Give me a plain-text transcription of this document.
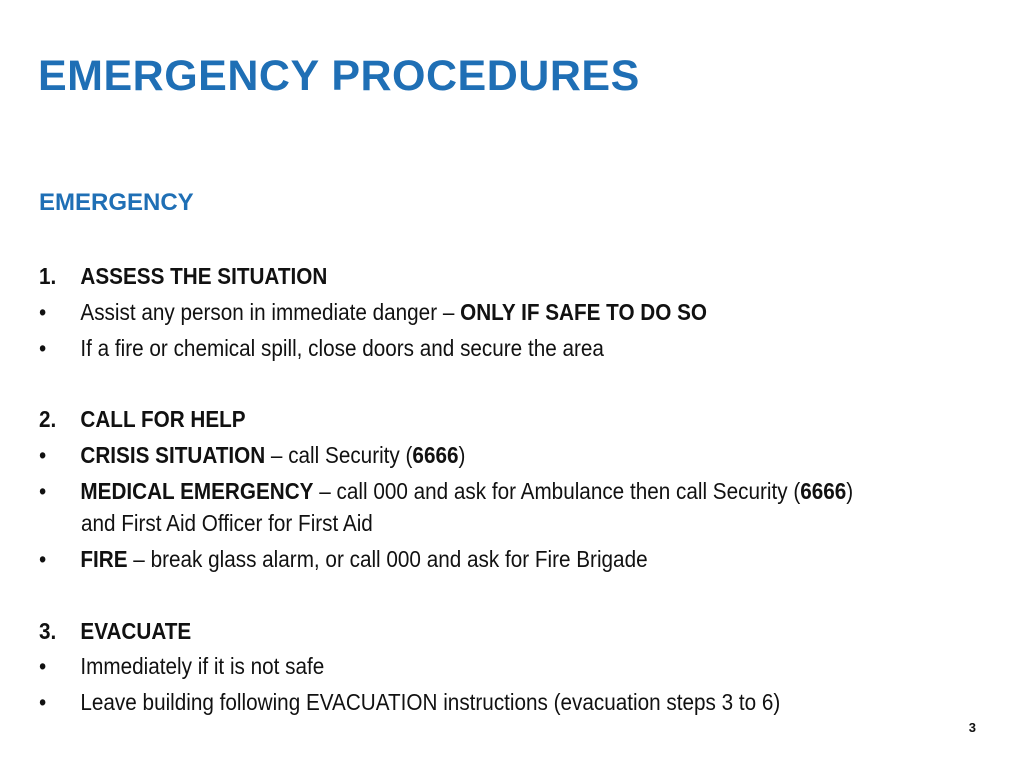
EMERGENCY PROCEDURES
EMERGENCY
1. ASSESS THE SITUATION
• Assist any person in immediate danger – ONLY IF SAFE TO DO SO
• If a fire or chemical spill, close doors and secure the area
2. CALL FOR HELP
• CRISIS SITUATION – call Security (6666)
• MEDICAL EMERGENCY – call 000 and ask for Ambulance then call Security (6666)
and First Aid Officer for First Aid
• FIRE – break glass alarm, or call 000 and ask for Fire Brigade
3. EVACUATE
• Immediately if it is not safe
• Leave building following EVACUATION instructions (evacuation steps 3 to 6)
3
